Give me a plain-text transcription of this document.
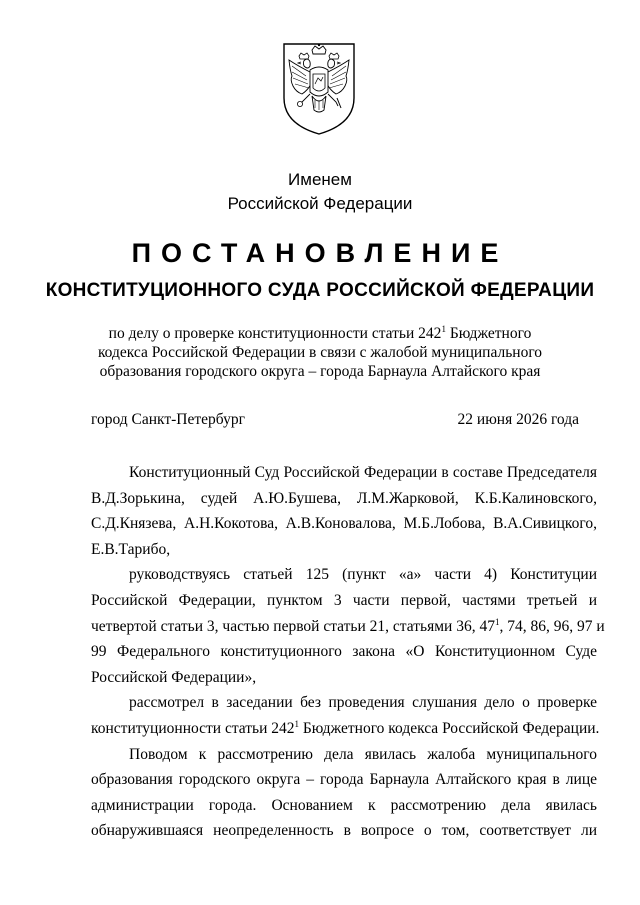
Именем
Российской Федерации
ПОСТАНОВЛЕНИЕ
КОНСТИТУЦИОННОГО СУДА РОССИЙСКОЙ ФЕДЕРАЦИИ
по делу о проверке конституционности статьи $242^1$ Бюджетного
кодекса Российской Федерации в связи с жалобой муниципального
образования городского округа – города Барнаула Алтайского края
город Санкт-Петербург	22 июня 2026 года
Конституционный Суд Российской Федерации в составе Председателя
В.Д.Зорькина, судей А.Ю.Бушева, Л.М.Жарковой, К.Б.Калиновского,
С.Д.Князева, А.Н.Кокотова, А.В.Коновалова, М.Б.Лобова, В.А.Сивицкого,
Е.В.Тарибо,
руководствуясь статьей 125 (пункт «а» части 4) Конституции
Российской Федерации, пунктом 3 части первой, частями третьей и
четвертой статьи 3, частью первой статьи 21, статьями 36, $47^1$, 74, 86, 96, 97 и
99 Федерального конституционного закона «О Конституционном Суде
Российской Федерации»,
рассмотрел в заседании без проведения слушания дело о проверке
конституционности статьи $242^1$ Бюджетного кодекса Российской Федерации.
Поводом к рассмотрению дела явилась жалоба муниципального
образования городского округа – города Барнаула Алтайского края в лице
администрации города. Основанием к рассмотрению дела явилась
обнаружившаяся неопределенность в вопросе о том, соответствует ли
